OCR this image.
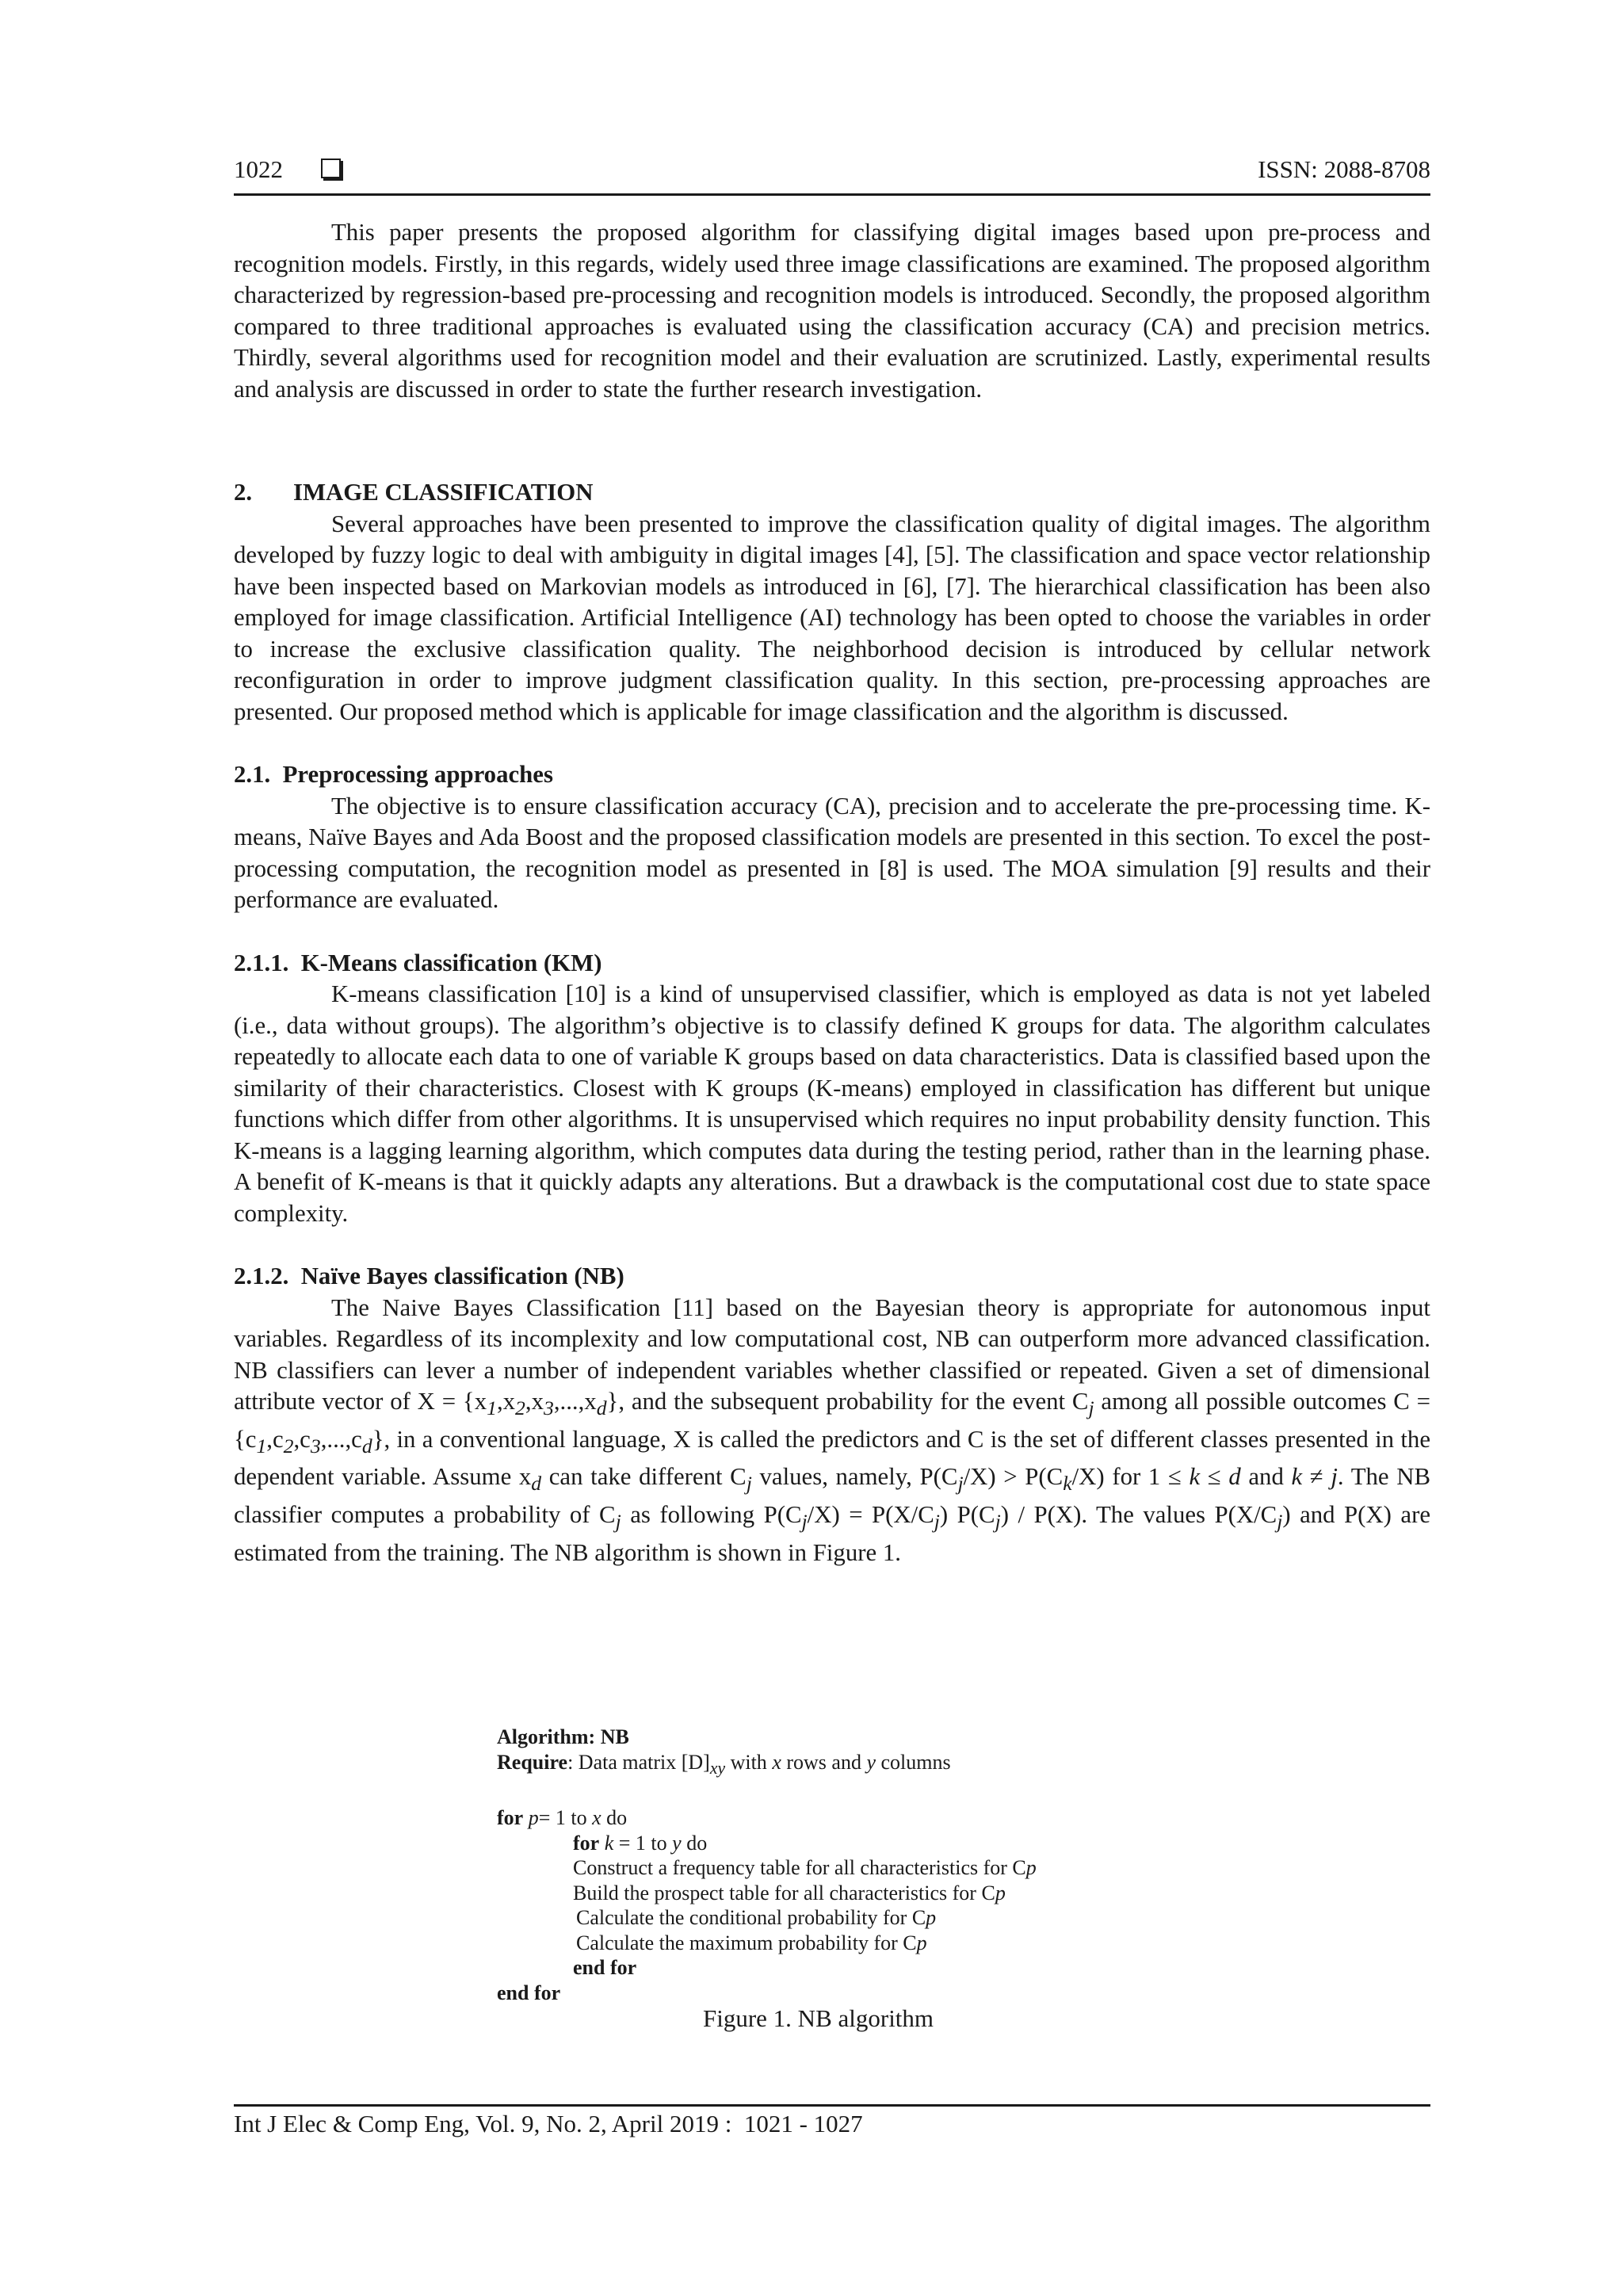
1022	ISSN: 2088-8708

This paper presents the proposed algorithm for classifying digital images based upon pre-process and recognition models. Firstly, in this regards, widely used three image classifications are examined. The proposed algorithm characterized by regression-based pre-processing and recognition models is introduced. Secondly, the proposed algorithm compared to three traditional approaches is evaluated using the classification accuracy (CA) and precision metrics. Thirdly, several algorithms used for recognition model and their evaluation are scrutinized. Lastly, experimental results and analysis are discussed in order to state the further research investigation.

2. IMAGE CLASSIFICATION

Several approaches have been presented to improve the classification quality of digital images. The algorithm developed by fuzzy logic to deal with ambiguity in digital images [4], [5]. The classification and space vector relationship have been inspected based on Markovian models as introduced in [6], [7]. The hierarchical classification has been also employed for image classification. Artificial Intelligence (AI) technology has been opted to choose the variables in order to increase the exclusive classification quality. The neighborhood decision is introduced by cellular network reconfiguration in order to improve judgment classification quality. In this section, pre-processing approaches are presented. Our proposed method which is applicable for image classification and the algorithm is discussed.

2.1.  Preprocessing approaches

The objective is to ensure classification accuracy (CA), precision and to accelerate the pre-processing time. K-means, Naïve Bayes and Ada Boost and the proposed classification models are presented in this section. To excel the post-processing computation, the recognition model as presented in [8] is used. The MOA simulation [9] results and their performance are evaluated.

2.1.1.  K-Means classification (KM)

K-means classification [10] is a kind of unsupervised classifier, which is employed as data is not yet labeled (i.e., data without groups). The algorithm’s objective is to classify defined K groups for data. The algorithm calculates repeatedly to allocate each data to one of variable K groups based on data characteristics. Data is classified based upon the similarity of their characteristics. Closest with K groups (K-means) employed in classification has different but unique functions which differ from other algorithms. It is unsupervised which requires no input probability density function. This K-means is a lagging learning algorithm, which computes data during the testing period, rather than in the learning phase. A benefit of K-means is that it quickly adapts any alterations. But a drawback is the computational cost due to state space complexity.

2.1.2.  Naïve Bayes classification (NB)

The Naive Bayes Classification [11] based on the Bayesian theory is appropriate for autonomous input variables. Regardless of its incomplexity and low computational cost, NB can outperform more advanced classification. NB classifiers can lever a number of independent variables whether classified or repeated. Given a set of dimensional attribute vector of $X = \{x_1,x_2,x_3,...,x_d\}$, and the subsequent probability for the event $C_j$ among all possible outcomes $C = \{c_1,c_2,c_3,...,c_d\}$, in a conventional language, X is called the predictors and C is the set of different classes presented in the dependent variable. Assume $x_d$ can take different $C_j$ values, namely, $P(C_j/X) > P(C_k/X)$ for 1 ≤ k ≤ d and k ≠ j. The NB classifier computes a probability of $C_j$ as following $P(C_j/X) = P(X/C_j)$ $P(C_j) / P(X)$. The values $P(X/C_j)$ and P(X) are estimated from the training. The NB algorithm is shown in Figure 1.

Algorithm: NB
Require: Data matrix $[D]_{xy}$ with x rows and y columns
for p= 1 to x do
for k = 1 to y do
Construct a frequency table for all characteristics for Cp
Build the prospect table for all characteristics for Cp
Calculate the conditional probability for Cp
Calculate the maximum probability for Cp
end for
end for
Figure 1. NB algorithm
Int J Elec & Comp Eng, Vol. 9, No. 2, April 2019 :  1021 - 1027
